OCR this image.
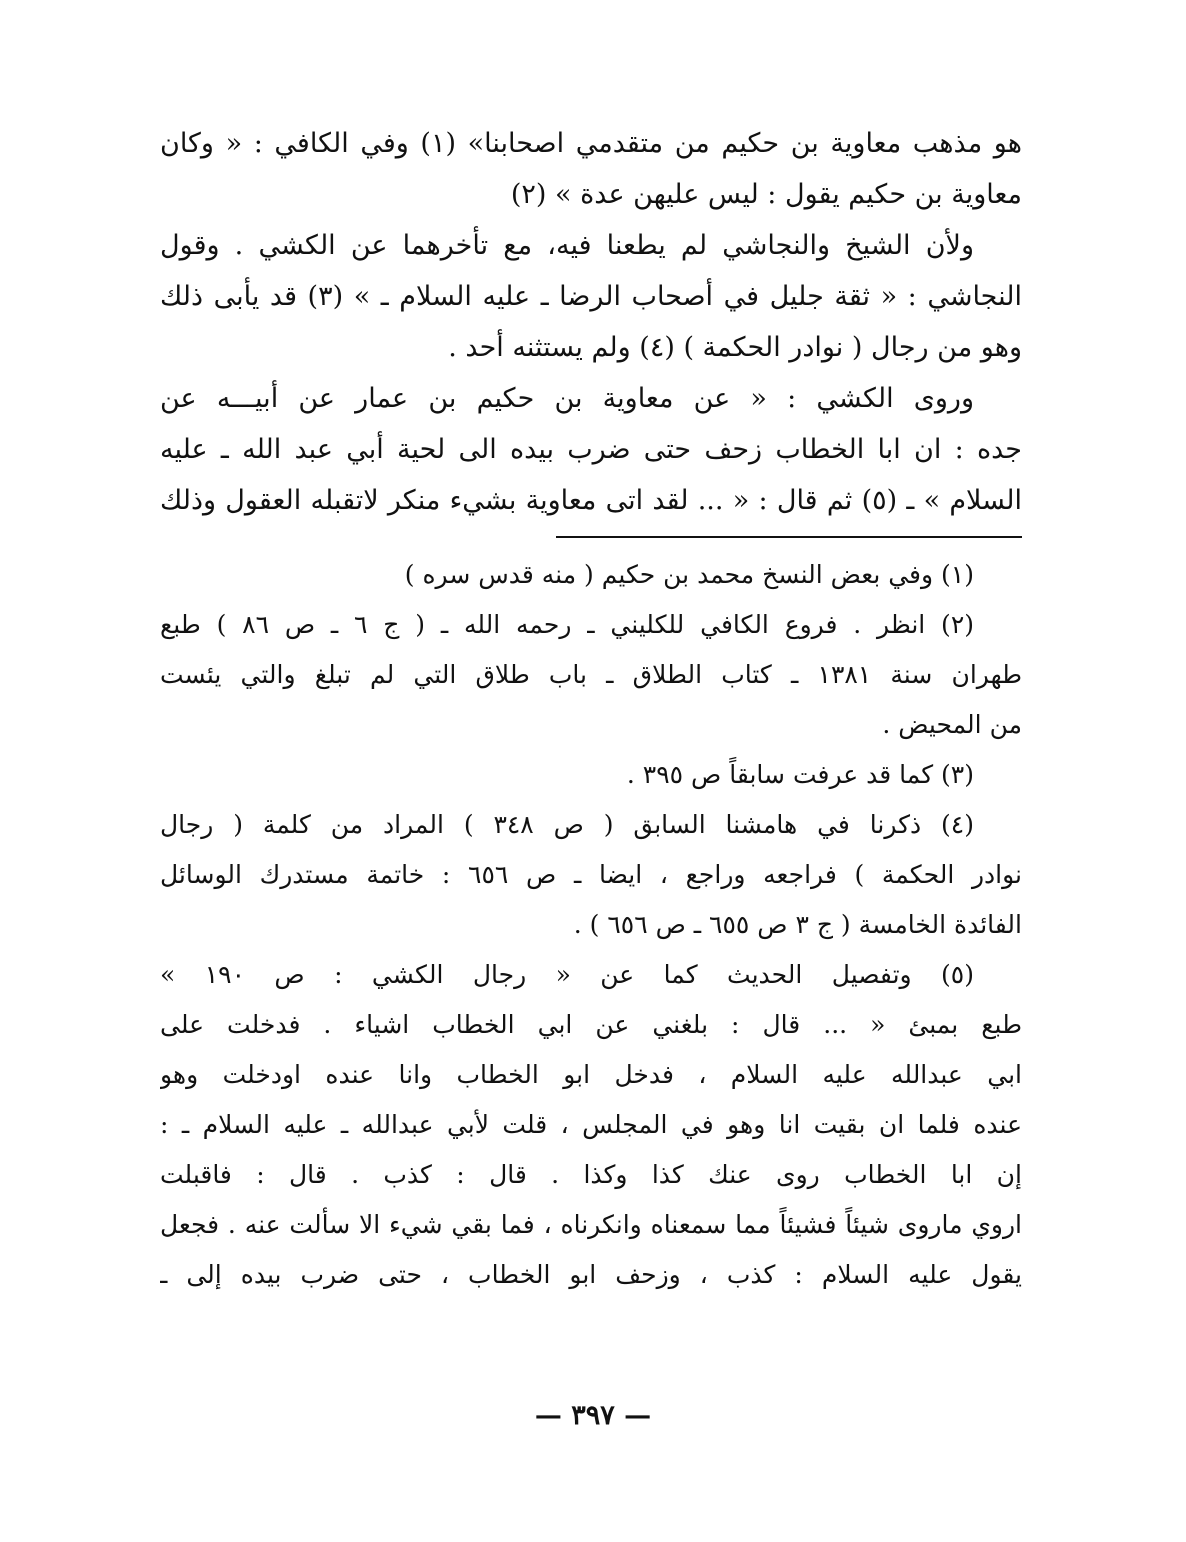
هو مذهب معاوية بن حكيم من متقدمي اصحابنا» (١) وفي الكافي : « وكان
معاوية بن حكيم يقول : ليس عليهن عدة » (٢)
ولأن الشيخ والنجاشي لم يطعنا فيه، مع تأخرهما عن الكشي . وقول
النجاشي : « ثقة جليل في أصحاب الرضا ـ عليه السلام ـ » (٣) قد يأبى ذلك
وهو من رجال ( نوادر الحكمة ) (٤) ولم يستثنه أحد .
وروى الكشي : « عن معاوية بن حكيم بن عمار عن أبيـــه عن
جده : ان ابا الخطاب زحف حتى ضرب بيده الى لحية أبي عبد الله ـ عليه
السلام » ـ (٥) ثم قال : « ... لقد اتى معاوية بشيء منكر لاتقبله العقول وذلك
(١) وفي بعض النسخ محمد بن حكيم ( منه قدس سره )
(٢) انظر . فروع الكافي للكليني ـ رحمه الله ـ ( ج ٦ ـ ص ٨٦ ) طبع
طهران سنة ١٣٨١ ـ كتاب الطلاق ـ باب طلاق التي لم تبلغ والتي يئست
من المحيض .
(٣) كما قد عرفت سابقاً ص ٣٩٥ .
(٤) ذكرنا في هامشنا السابق ( ص ٣٤٨ ) المراد من كلمة ( رجال
نوادر الحكمة ) فراجعه وراجع ، ايضا ـ ص ٦٥٦ : خاتمة مستدرك الوسائل
الفائدة الخامسة ( ج ٣ ص ٦٥٥ ـ ص ٦٥٦ ) .
(٥) وتفصيل الحديث كما عن « رجال الكشي : ص ١٩٠ »
طبع بمبئ « ... قال : بلغني عن ابي الخطاب اشياء . فدخلت على
ابي عبدالله عليه السلام ، فدخل ابو الخطاب وانا عنده اودخلت وهو
عنده فلما ان بقيت انا وهو في المجلس ، قلت لأبي عبدالله ـ عليه السلام ـ :
إن ابا الخطاب روى عنك كذا وكذا . قال : كذب . قال : فاقبلت
اروي ماروى شيئاً فشيئاً مما سمعناه وانكرناه ، فما بقي شيء الا سألت عنه . فجعل
يقول عليه السلام : كذب ، وزحف ابو الخطاب ، حتى ضرب بيده إلى ـ
— ٣٩٧ —
